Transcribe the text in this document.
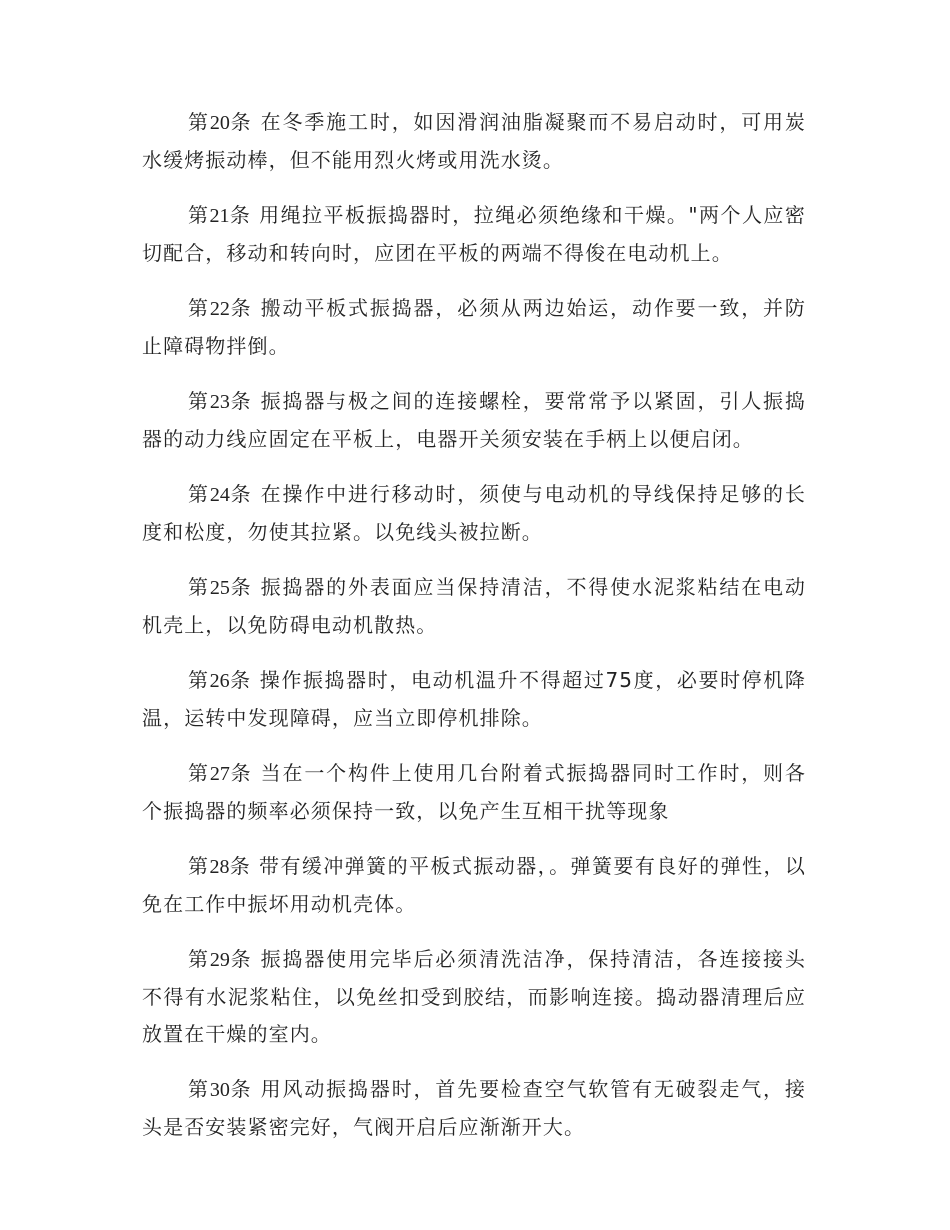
第20条 在冬季施工时，如因滑润油脂凝聚而不易启动时，可用炭水缓烤振动棒，但不能用烈火烤或用洗水烫。

第21条 用绳拉平板振捣器时，拉绳必须绝缘和干燥。"两个人应密切配合，移动和转向时，应团在平板的两端不得俊在电动机上。

第22条 搬动平板式振捣器，必须从两边始运，动作要一致，并防止障碍物拌倒。

第23条 振捣器与极之间的连接螺栓，要常常予以紧固，引人振捣器的动力线应固定在平板上，电器开关须安装在手柄上以便启闭。

第24条 在操作中进行移动时，须使与电动机的导线保持足够的长度和松度，勿使其拉紧。以免线头被拉断。

第25条 振捣器的外表面应当保持清洁，不得使水泥浆粘结在电动机壳上，以免防碍电动机散热。

第26条 操作振捣器时，电动机温升不得超过75度，必要时停机降温，运转中发现障碍，应当立即停机排除。

第27条 当在一个构件上使用几台附着式振捣器同时工作时，则各个振捣器的频率必须保持一致，以免产生互相干扰等现象

第28条 带有缓冲弹簧的平板式振动器，。弹簧要有良好的弹性，以免在工作中振坏用动机壳体。

第29条 振捣器使用完毕后必须清洗洁净，保持清洁，各连接接头不得有水泥浆粘住，以免丝扣受到胶结，而影响连接。捣动器清理后应放置在干燥的室内。

第30条 用风动振捣器时，首先要检查空气软管有无破裂走气，接头是否安装紧密完好，气阀开启后应渐渐开大。
